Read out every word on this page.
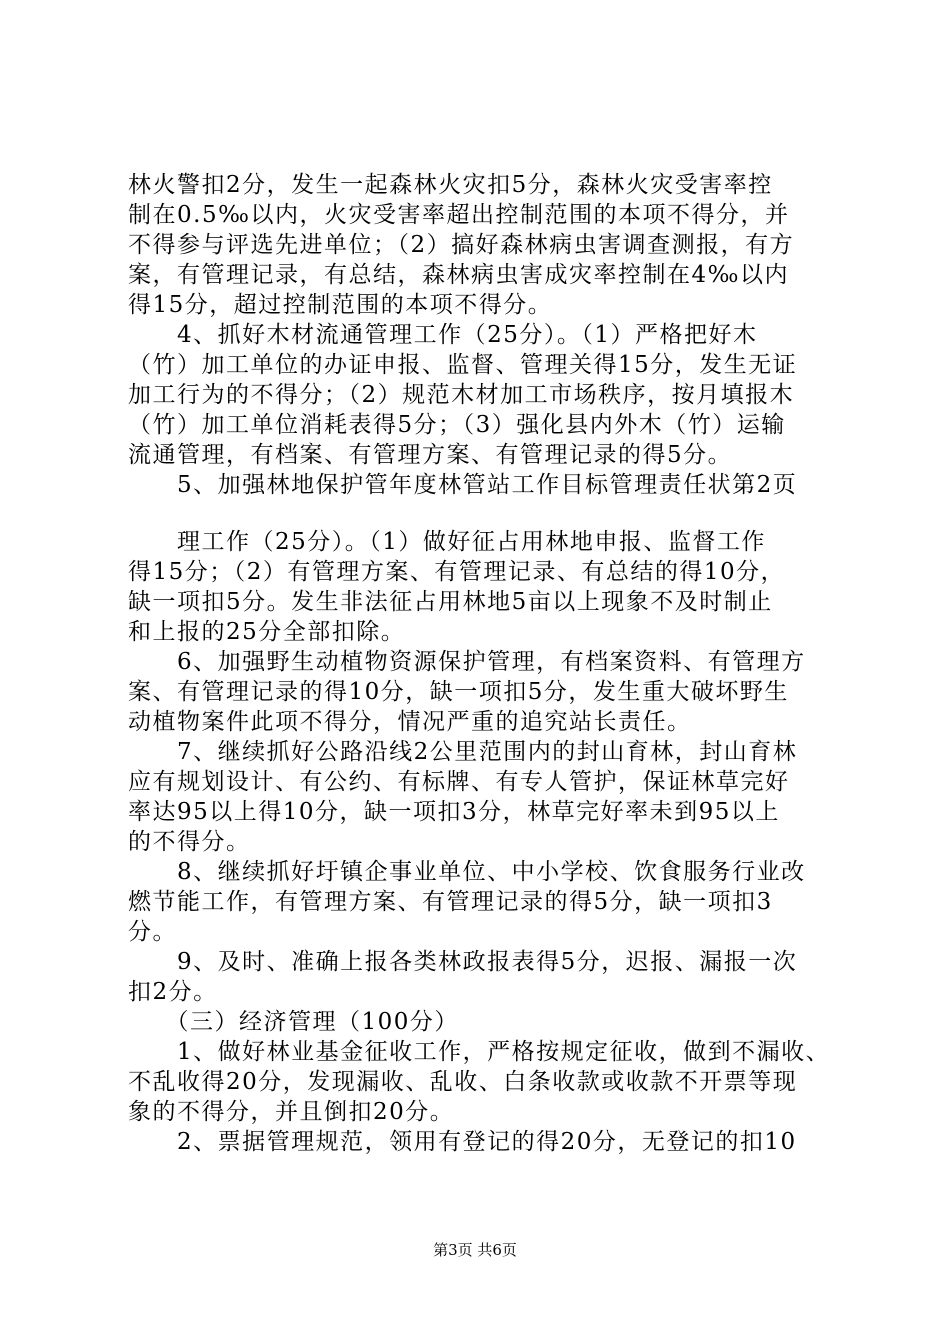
林火警扣2分，发生一起森林火灾扣5分，森林火灾受害率控
制在0.5‰以内，火灾受害率超出控制范围的本项不得分，并
不得参与评选先进单位；（2）搞好森林病虫害调查测报，有方
案，有管理记录，有总结，森林病虫害成灾率控制在4‰以内
得15分，超过控制范围的本项不得分。
　　4、抓好木材流通管理工作（25分）。（1）严格把好木
（竹）加工单位的办证申报、监督、管理关得15分，发生无证
加工行为的不得分；（2）规范木材加工市场秩序，按月填报木
（竹）加工单位消耗表得5分；（3）强化县内外木（竹）运输
流通管理，有档案、有管理方案、有管理记录的得5分。
　　5、加强林地保护管年度林管站工作目标管理责任状第2页
　　理工作（25分）。（1）做好征占用林地申报、监督工作
得15分；（2）有管理方案、有管理记录、有总结的得10分，
缺一项扣5分。发生非法征占用林地5亩以上现象不及时制止
和上报的25分全部扣除。
　　6、加强野生动植物资源保护管理，有档案资料、有管理方
案、有管理记录的得10分，缺一项扣5分，发生重大破坏野生
动植物案件此项不得分，情况严重的追究站长责任。
　　7、继续抓好公路沿线2公里范围内的封山育林，封山育林
应有规划设计、有公约、有标牌、有专人管护，保证林草完好
率达95以上得10分，缺一项扣3分，林草完好率未到95以上
的不得分。
　　8、继续抓好圩镇企事业单位、中小学校、饮食服务行业改
燃节能工作，有管理方案、有管理记录的得5分，缺一项扣3
分。
　　9、及时、准确上报各类林政报表得5分，迟报、漏报一次
扣2分。
　　（三）经济管理（100分）
　　1、做好林业基金征收工作，严格按规定征收，做到不漏收、
不乱收得20分，发现漏收、乱收、白条收款或收款不开票等现
象的不得分，并且倒扣20分。
　　2、票据管理规范，领用有登记的得20分，无登记的扣10
第3页 共6页
